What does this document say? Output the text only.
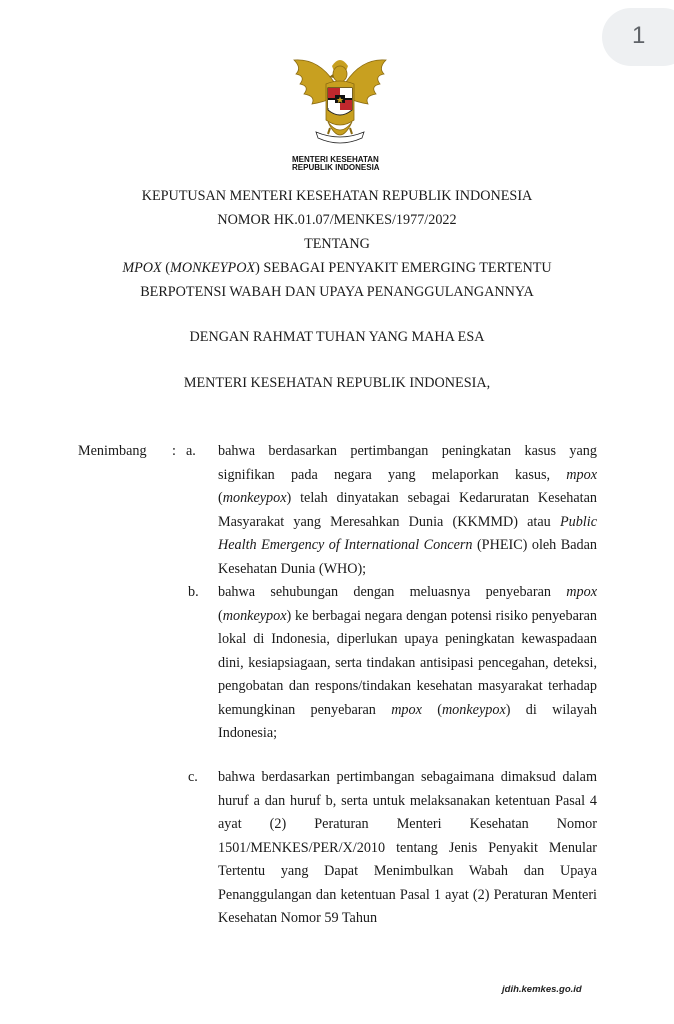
1
MENTERI KESEHATAN
REPUBLIK INDONESIA
KEPUTUSAN MENTERI KESEHATAN REPUBLIK INDONESIA
NOMOR HK.01.07/MENKES/1977/2022
TENTANG
MPOX (MONKEYPOX) SEBAGAI PENYAKIT EMERGING TERTENTU
BERPOTENSI WABAH DAN UPAYA PENANGGULANGANNYA
DENGAN RAHMAT TUHAN YANG MAHA ESA
MENTERI KESEHATAN REPUBLIK INDONESIA,
Menimbang : a. bahwa berdasarkan pertimbangan peningkatan kasus yang signifikan pada negara yang melaporkan kasus, mpox (monkeypox) telah dinyatakan sebagai Kedaruratan Kesehatan Masyarakat yang Meresahkan Dunia (KKMMD) atau Public Health Emergency of International Concern (PHEIC) oleh Badan Kesehatan Dunia (WHO);
b. bahwa sehubungan dengan meluasnya penyebaran mpox (monkeypox) ke berbagai negara dengan potensi risiko penyebaran lokal di Indonesia, diperlukan upaya peningkatan kewaspadaan dini, kesiapsiagaan, serta tindakan antisipasi pencegahan, deteksi, pengobatan dan respons/tindakan kesehatan masyarakat terhadap kemungkinan penyebaran mpox (monkeypox) di wilayah Indonesia;
c. bahwa berdasarkan pertimbangan sebagaimana dimaksud dalam huruf a dan huruf b, serta untuk melaksanakan ketentuan Pasal 4 ayat (2) Peraturan Menteri Kesehatan Nomor 1501/MENKES/PER/X/2010 tentang Jenis Penyakit Menular Tertentu yang Dapat Menimbulkan Wabah dan Upaya Penanggulangan dan ketentuan Pasal 1 ayat (2) Peraturan Menteri Kesehatan Nomor 59 Tahun
jdih.kemkes.go.id
